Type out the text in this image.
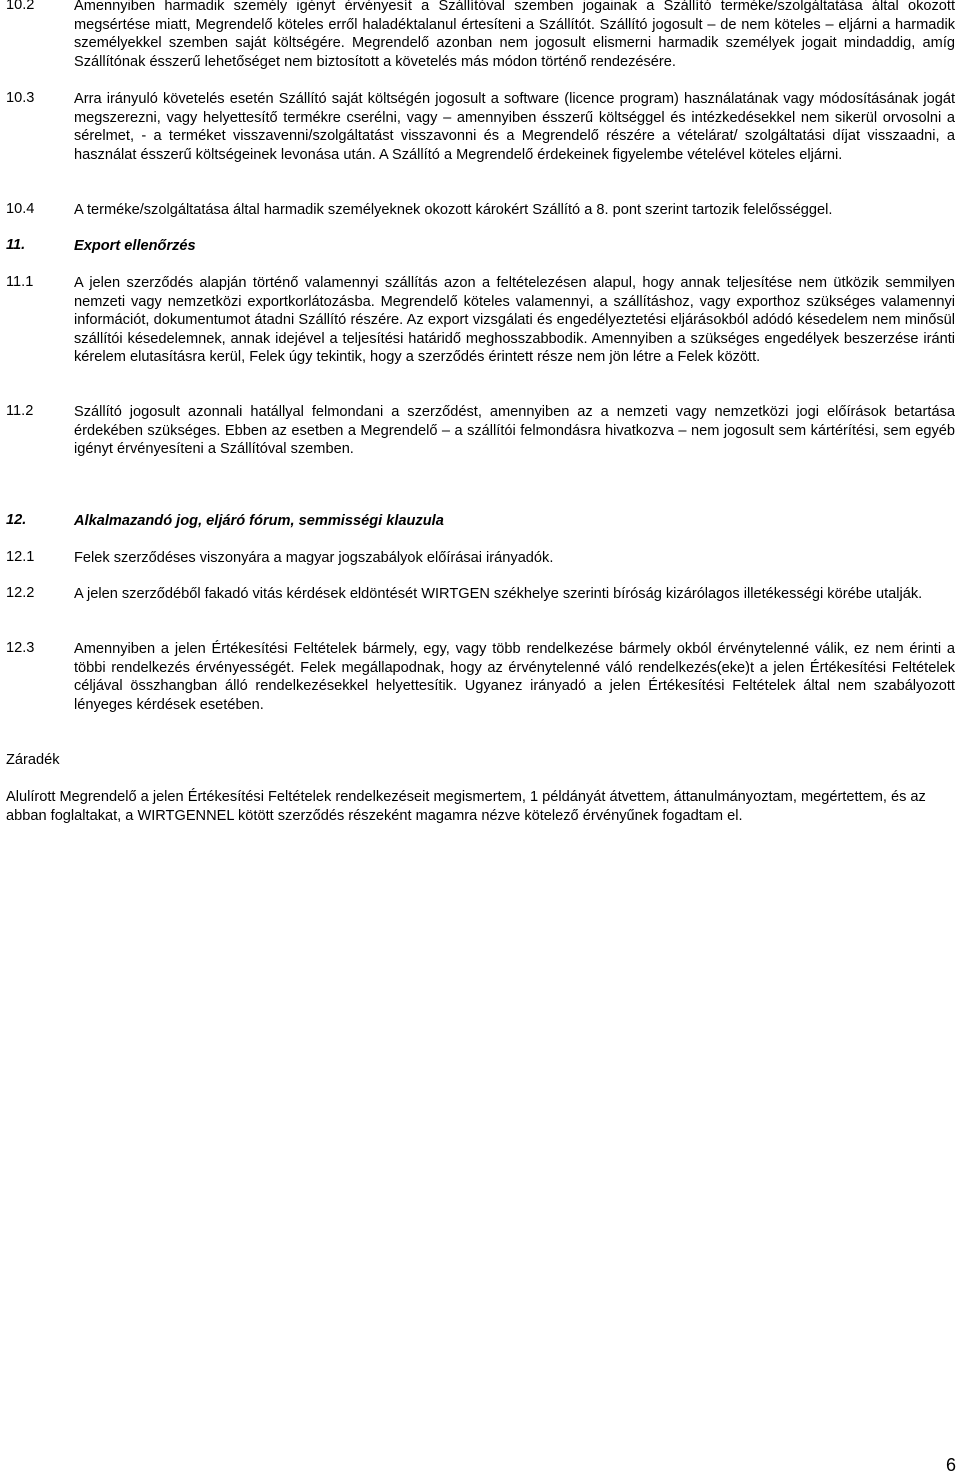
10.2	Amennyiben harmadik személy igényt érvényesít a Szállítóval szemben jogainak a Szállító terméke/szolgáltatása által okozott megsértése miatt, Megrendelő köteles erről haladéktalanul értesíteni a Szállítót. Szállító jogosult – de nem köteles – eljárni a harmadik személyekkel szemben saját költségére. Megrendelő azonban nem jogosult elismerni harmadik személyek jogait mindaddig, amíg Szállítónak ésszerű lehetőséget nem biztosított a követelés más módon történő rendezésére.
10.3	Arra irányuló követelés esetén Szállító saját költségén jogosult a software (licence program) használatának vagy módosításának jogát megszerezni, vagy helyettesítő termékre cserélni, vagy – amennyiben ésszerű költséggel és intézkedésekkel nem sikerül orvosolni a sérelmet, - a terméket visszavenni/szolgáltatást visszavonni és a Megrendelő részére a vételárat/ szolgáltatási díjat visszaadni, a használat ésszerű költségeinek levonása után. A Szállító a Megrendelő érdekeinek figyelembe vételével köteles eljárni.
10.4	A terméke/szolgáltatása által harmadik személyeknek okozott károkért Szállító a 8. pont szerint tartozik felelősséggel.
11.	Export ellenőrzés
11.1	A jelen szerződés alapján történő valamennyi szállítás azon a feltételezésen alapul, hogy annak teljesítése nem ütközik semmilyen nemzeti vagy nemzetközi exportkorlátozásba. Megrendelő köteles valamennyi, a szállításhoz, vagy exporthoz szükséges valamennyi információt, dokumentumot átadni Szállító részére. Az export vizsgálati és engedélyeztetési eljárásokból adódó késedelem nem minősül szállítói késedelemnek, annak idejével a teljesítési határidő meghosszabbodik. Amennyiben a szükséges engedélyek beszerzése iránti kérelem elutasításra kerül, Felek úgy tekintik, hogy a szerződés érintett része nem jön létre a Felek között.
11.2	Szállító jogosult azonnali hatállyal felmondani a szerződést, amennyiben az a nemzeti vagy nemzetközi jogi előírások betartása érdekében szükséges. Ebben az esetben a Megrendelő – a szállítói felmondásra hivatkozva – nem jogosult sem kártérítési, sem egyéb igényt érvényesíteni a Szállítóval szemben.
12.	Alkalmazandó jog, eljáró fórum, semmisségi klauzula
12.1	Felek szerződéses viszonyára a magyar jogszabályok előírásai irányadók.
12.2	A jelen szerződéből fakadó vitás kérdések eldöntését WIRTGEN székhelye szerinti bíróság kizárólagos illetékességi körébe utalják.
12.3	Amennyiben a jelen Értékesítési Feltételek bármely, egy, vagy több rendelkezése bármely okból érvénytelenné válik, ez nem érinti a többi rendelkezés érvényességét. Felek megállapodnak, hogy az érvénytelenné váló rendelkezés(eke)t a jelen Értékesítési Feltételek céljával összhangban álló rendelkezésekkel helyettesítik. Ugyanez irányadó a jelen Értékesítési Feltételek által nem szabályozott lényeges kérdések esetében.
Záradék
Alulírott Megrendelő a jelen Értékesítési Feltételek rendelkezéseit megismertem, 1 példányát átvettem, áttanulmányoztam, megértettem, és az abban foglaltakat, a WIRTGENNEL kötött szerződés részeként magamra nézve kötelező érvényűnek fogadtam el.
6
